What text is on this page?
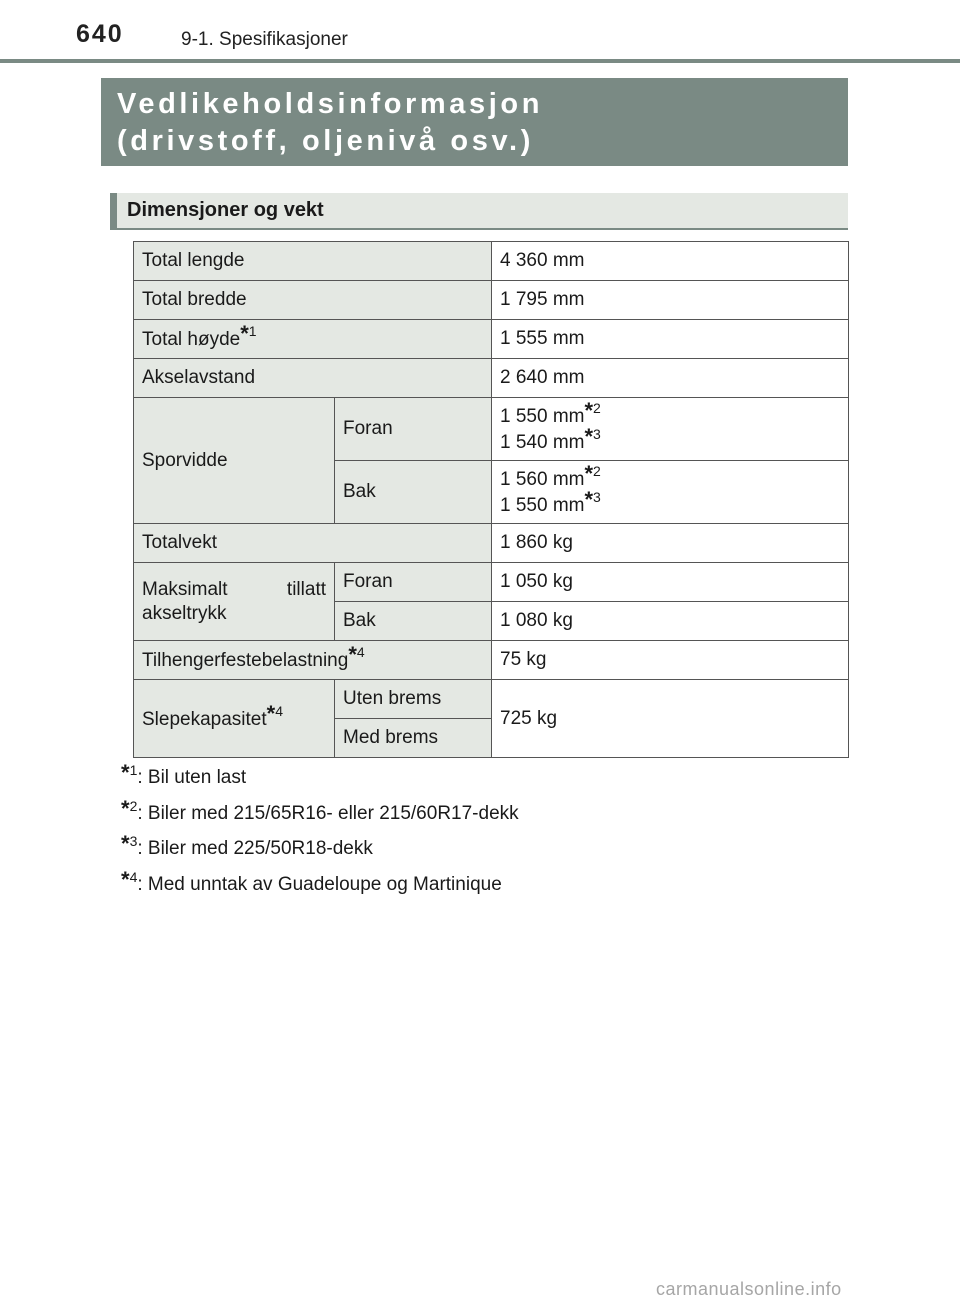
640	9-1. Spesifikasjoner
Vedlikeholdsinformasjon
(drivstoff, oljenivå osv.)
Dimensjoner og vekt
Total lengde		4 360 mm
Total bredde		1 795 mm
Total høyde*$^1$		1 555 mm
Akselavstand		2 640 mm
Sporvidde	Foran	1 550 mm*$^2$
1 540 mm*$^3$

	Bak	1 560 mm*$^2$
1 550 mm*$^3$

Totalvekt		1 860 kg

Maksimalt tillatt akseltrykk	Foran	1 050 kg
	Bak	1 080 kg
Tilhengerfestebelastning*$^4$		75 kg
Slepekapasitet*$^4$	Uten brems	725 kg
	Med brems	
*$^1$: Bil uten last
*$^2$: Biler med 215/65R16- eller 215/60R17-dekk
*$^3$: Biler med 225/50R18-dekk
*$^4$: Med unntak av Guadeloupe og Martinique
carmanualsonline.info
